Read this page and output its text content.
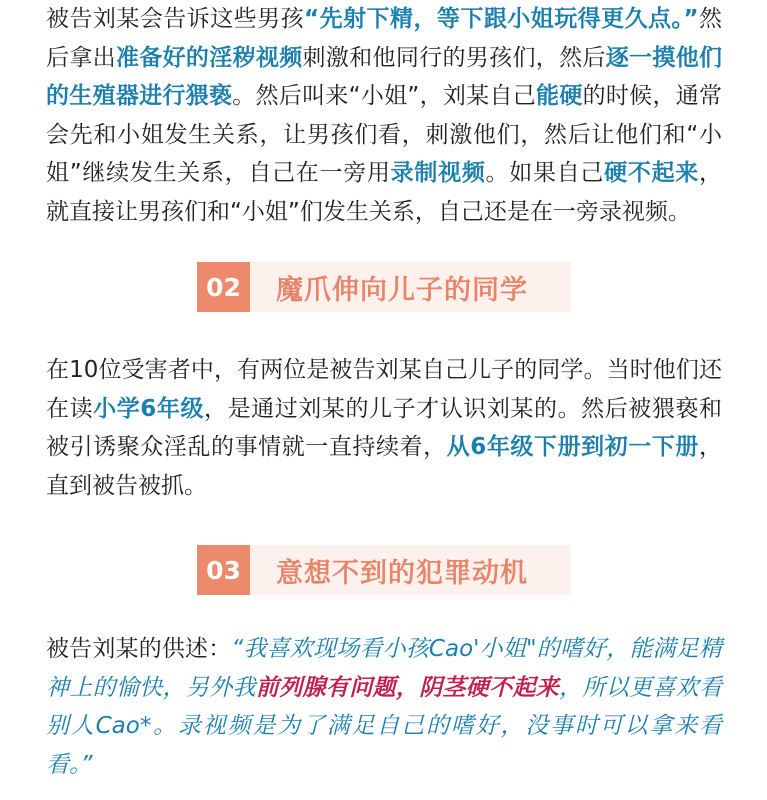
被告刘某会告诉这些男孩“先射下精，等下跟小姐玩得更久点。”然后拿出准备好的淫秽视频刺激和他同行的男孩们，然后逐一摸他们的生殖器进行猥亵。然后叫来“小姐”，刘某自己能硬的时候，通常会先和小姐发生关系，让男孩们看，刺激他们，然后让他们和“小姐”继续发生关系，自己在一旁用录制视频。如果自己硬不起来，就直接让男孩们和“小姐”们发生关系，自己还是在一旁录视频。
02	魔爪伸向儿子的同学
在10位受害者中，有两位是被告刘某自己儿子的同学。当时他们还在读小学6年级，是通过刘某的儿子才认识刘某的。然后被猥亵和被引诱聚众淫乱的事情就一直持续着，从6年级下册到初一下册，直到被告被抓。
03	意想不到的犯罪动机
被告刘某的供述：“我喜欢现场看小孩Cao'小姐"的嗜好，能满足精神上的愉快，另外我前列腺有问题，阴茎硬不起来，所以更喜欢看别人Cao*。录视频是为了满足自己的嗜好，没事时可以拿来看看。”
